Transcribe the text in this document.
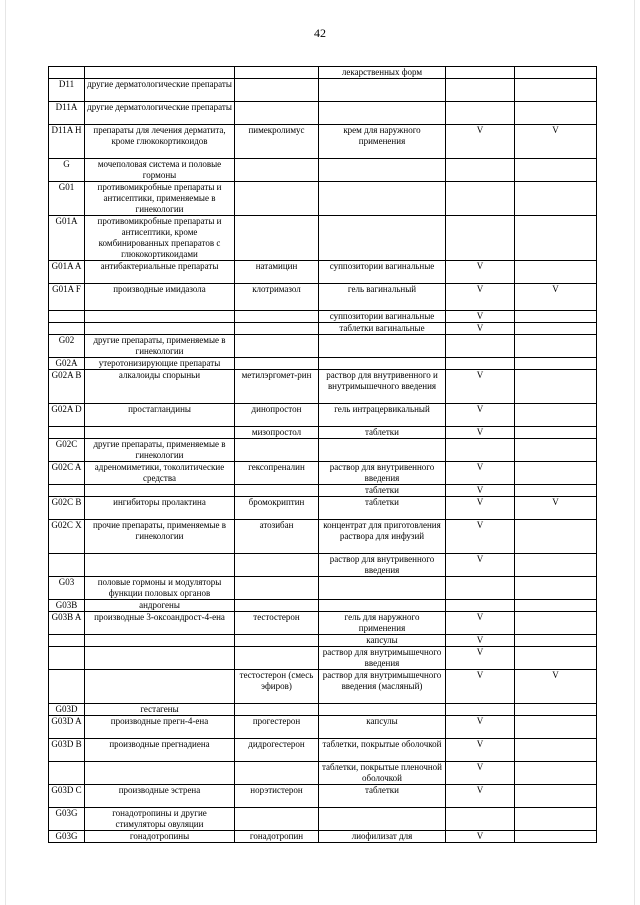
42
			лекарственных форм		
D11	другие дерматологические препараты				
D11A	другие дерматологические препараты				
D11A H	препараты для лечения дерматита, кроме глюкокортикоидов	пимекролимус	крем для наружного применения	V	V
G	мочеполовая система и половые гормоны				
G01	противомикробные препараты и антисептики, применяемые в гинекологии				
G01A	противомикробные препараты и антисептики, кроме комбинированных препаратов с глюкокортикоидами				
G01A A	антибактериальные препараты	натамицин	суппозитории вагинальные	V	
G01A F	производные имидазола	клотримазол	гель вагинальный	V	V
			суппозитории вагинальные	V	
			таблетки вагинальные	V	
G02	другие препараты, применяемые в гинекологии				
G02A	утеротонизирующие препараты				
G02A B	алкалоиды спорыньи	метилэргомет-рин	раствор для внутривенного и внутримышечного введения	V	
G02A D	простагландины	динопростон	гель интрацервикальный	V	
		мизопростол	таблетки	V	
G02C	другие препараты, применяемые в гинекологии				
G02C A	адреномиметики, токолитические средства	гексопреналин	раствор для внутривенного введения	V	
			таблетки	V	
G02C B	ингибиторы пролактина	бромокриптин	таблетки	V	V
G02C X	прочие препараты, применяемые в гинекологии	атозибан	концентрат для приготовления раствора для инфузий	V	
			раствор для внутривенного введения	V	
G03	половые гормоны и модуляторы функции половых органов				
G03B	андрогены				
G03B A	производные 3-оксоандрост-4-ена	тестостерон	гель для наружного применения	V	
			капсулы	V	
			раствор для внутримышечного введения	V	
		тестостерон (смесь эфиров)	раствор для внутримышечного введения (масляный)	V	V
G03D	гестагены				
G03D A	производные прегн-4-ена	прогестерон	капсулы	V	
G03D B	производные прегнадиена	дидрогестерон	таблетки, покрытые оболочкой	V	
			таблетки, покрытые пленочной оболочкой	V	
G03D C	производные эстрена	норэтистерон	таблетки	V	
G03G	гонадотропины и другие стимуляторы овуляции				
G03G	гонадотропины	гонадотропин	лиофилизат для	V	
